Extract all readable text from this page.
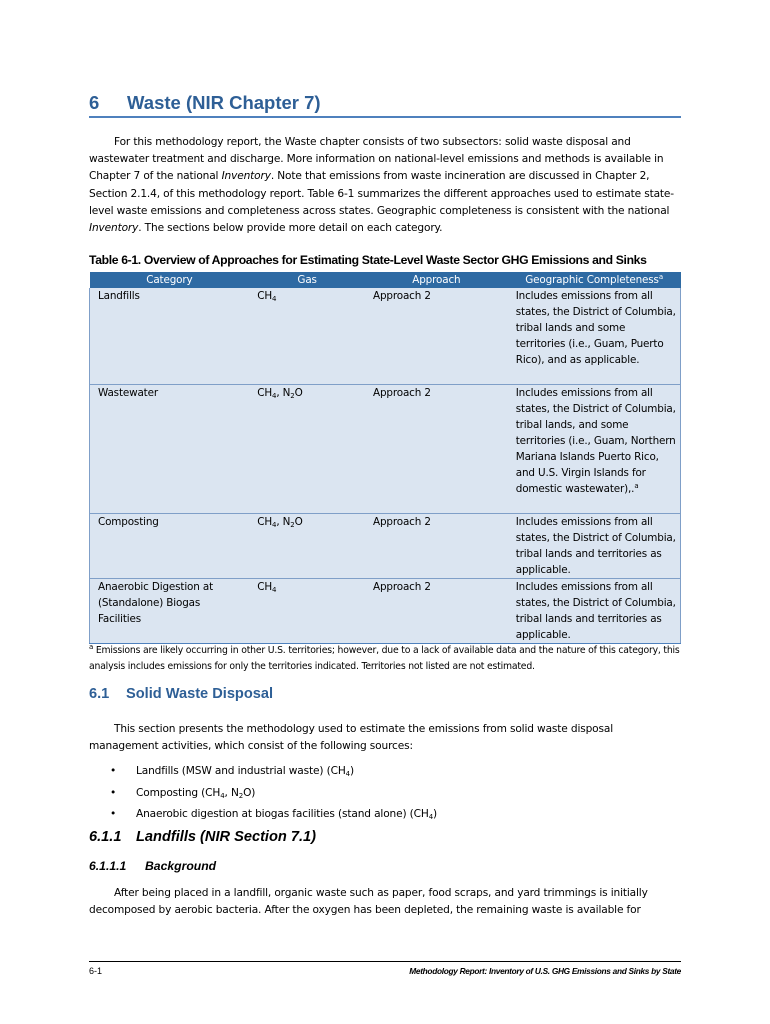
6 Waste (NIR Chapter 7)
For this methodology report, the Waste chapter consists of two subsectors: solid waste disposal and wastewater treatment and discharge. More information on national-level emissions and methods is available in Chapter 7 of the national Inventory. Note that emissions from waste incineration are discussed in Chapter 2, Section 2.1.4, of this methodology report. Table 6-1 summarizes the different approaches used to estimate state- level waste emissions and completeness across states. Geographic completeness is consistent with the national Inventory. The sections below provide more detail on each category.
Table 6-1. Overview of Approaches for Estimating State-Level Waste Sector GHG Emissions and Sinks
Category	Gas	Approach	Geographic Completeness$^a$
Landfills	$CH_4$	Approach 2	Includes emissions from all states, the District of Columbia, tribal lands and some territories (i.e., Guam, Puerto Rico), and as applicable.
Wastewater	$CH_4$, $N_2O$	Approach 2	Includes emissions from all states, the District of Columbia, tribal lands, and some territories (i.e., Guam, Northern Mariana Islands Puerto Rico, and U.S. Virgin Islands for domestic wastewater),.$^a$
Composting	$CH_4$, $N_2O$	Approach 2	Includes emissions from all states, the District of Columbia, tribal lands and territories as applicable.
Anaerobic Digestion at (Standalone) Biogas Facilities	$CH_4$	Approach 2	Includes emissions from all states, the District of Columbia, tribal lands and territories as applicable.
$^a$ Emissions are likely occurring in other U.S. territories; however, due to a lack of available data and the nature of this category, this analysis includes emissions for only the territories indicated. Territories not listed are not estimated.
6.1 Solid Waste Disposal
This section presents the methodology used to estimate the emissions from solid waste disposal management activities, which consist of the following sources:
• Landfills (MSW and industrial waste) $(CH_4)$
• Composting ($CH_4$, $N_2O$)
• Anaerobic digestion at biogas facilities (stand alone) $(CH_4)$
6.1.1 Landfills (NIR Section 7.1)
6.1.1.1 Background
After being placed in a landfill, organic waste such as paper, food scraps, and yard trimmings is initially decomposed by aerobic bacteria. After the oxygen has been depleted, the remaining waste is available for
6-1	Methodology Report: Inventory of U.S. GHG Emissions and Sinks by State
